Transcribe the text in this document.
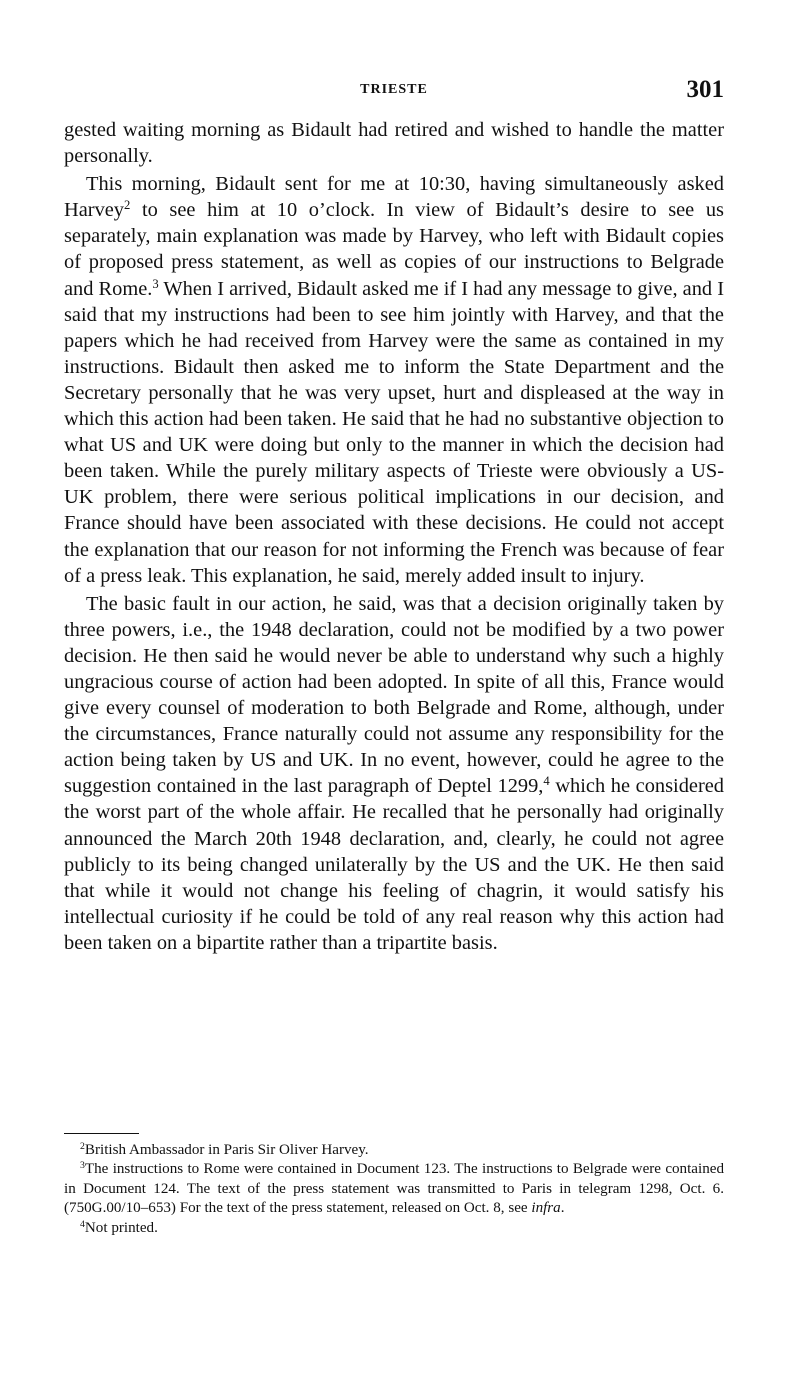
TRIESTE	301

gested waiting morning as Bidault had retired and wished to handle the matter personally.

This morning, Bidault sent for me at 10:30, having simultaneously asked Harvey$^2$ to see him at 10 o’clock. In view of Bidault’s desire to see us separately, main explanation was made by Harvey, who left with Bidault copies of proposed press statement, as well as copies of our instructions to Belgrade and Rome.$^3$ When I arrived, Bidault asked me if I had any message to give, and I said that my instructions had been to see him jointly with Harvey, and that the papers which he had received from Harvey were the same as contained in my instructions. Bidault then asked me to inform the State Department and the Secretary personally that he was very upset, hurt and displeased at the way in which this action had been taken. He said that he had no substantive objection to what US and UK were doing but only to the manner in which the decision had been taken. While the purely military aspects of Trieste were obviously a US-UK problem, there were serious political implications in our decision, and France should have been associated with these decisions. He could not accept the explanation that our reason for not informing the French was because of fear of a press leak. This explanation, he said, merely added insult to injury.

The basic fault in our action, he said, was that a decision originally taken by three powers, i.e., the 1948 declaration, could not be modified by a two power decision. He then said he would never be able to understand why such a highly ungracious course of action had been adopted. In spite of all this, France would give every counsel of moderation to both Belgrade and Rome, although, under the circumstances, France naturally could not assume any responsibility for the action being taken by US and UK. In no event, however, could he agree to the suggestion contained in the last paragraph of Deptel 1299,$^4$ which he considered the worst part of the whole affair. He recalled that he personally had originally announced the March 20th 1948 declaration, and, clearly, he could not agree publicly to its being changed unilaterally by the US and the UK. He then said that while it would not change his feeling of chagrin, it would satisfy his intellectual curiosity if he could be told of any real reason why this action had been taken on a bipartite rather than a tripartite basis.

$^2$British Ambassador in Paris Sir Oliver Harvey.

$^3$The instructions to Rome were contained in Document 123. The instructions to Belgrade were contained in Document 124. The text of the press statement was transmitted to Paris in telegram 1298, Oct. 6. (750G.00/10–653) For the text of the press statement, released on Oct. 8, see infra.

$^4$Not printed.
